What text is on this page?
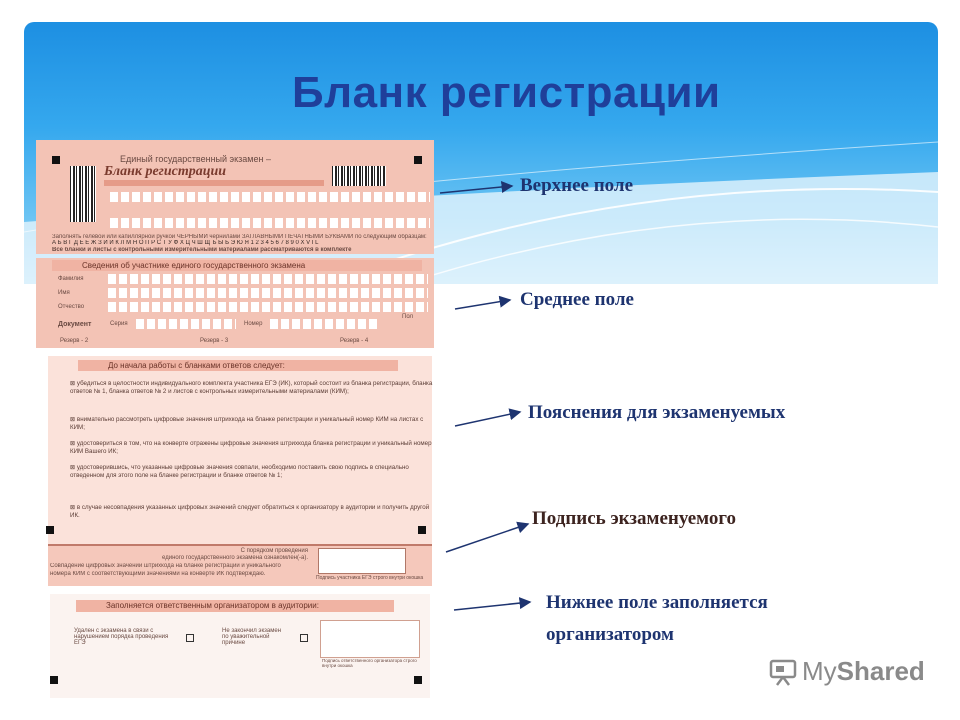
Бланк регистрации
Единый государственный экзамен –
Бланк регистрации
Заполнять гелевой или капиллярной ручкой ЧЕРНЫМИ чернилами ЗАГЛАВНЫМИ ПЕЧАТНЫМИ БУКВАМИ по следующим образцам:
А Б В Г Д Е Ё Ж З И Й К Л М Н О П Р С Т У Ф Х Ц Ч Ш Щ Ъ Ы Ь Э Ю Я 1 2 3 4 5 6 7 8 9 0 X V I L
Все бланки и листы с контрольными измерительными материалами рассматриваются в комплекте
Сведения об участнике единого государственного экзамена
Фамилия
Имя
Отчество
Документ	Серия	Номер
Пол
Резерв - 2	Резерв - 3	Резерв - 4
До начала работы с бланками ответов следует:
⊠ убедиться в целостности индивидуального комплекта участника ЕГЭ (ИК), который состоит из бланка регистрации, бланка ответов № 1, бланка ответов № 2 и листов с контрольных измерительными материалами (КИМ);
⊠ внимательно рассмотреть цифровые значения штрихкода на бланке регистрации и уникальный номер КИМ на листах с КИМ;
⊠ удостовериться в том, что на конверте отражены цифровые значения штрихкода бланка регистрации и уникальный номер КИМ Вашего ИК;
⊠ удостоверившись, что указанные цифровые значения совпали, необходимо поставить свою подпись в специально отведенном для этого поле на бланке регистрации и бланке ответов № 1;
⊠ в случае несовпадения указанных цифровых значений следует обратиться к организатору в аудитории и получить другой ИК.
С порядком проведения
единого государственного экзамена ознакомлен(-а).
Совпадение цифровых значений штрихкода на бланке регистрации и уникального
номера КИМ с соответствующими значениями на конверте ИК подтверждаю.
Подпись участника ЕГЭ строго внутри окошка
Заполняется ответственным организатором в аудитории:
Удален с экзамена в связи с нарушением порядка проведения ЕГЭ
Не закончил экзамен по уважительной причине
Подпись ответственного организатора строго внутри окошка
Верхнее поле
Среднее поле
Пояснения для экзаменуемых
Подпись экзаменуемого
Нижнее поле заполняется
организатором
MyShared
